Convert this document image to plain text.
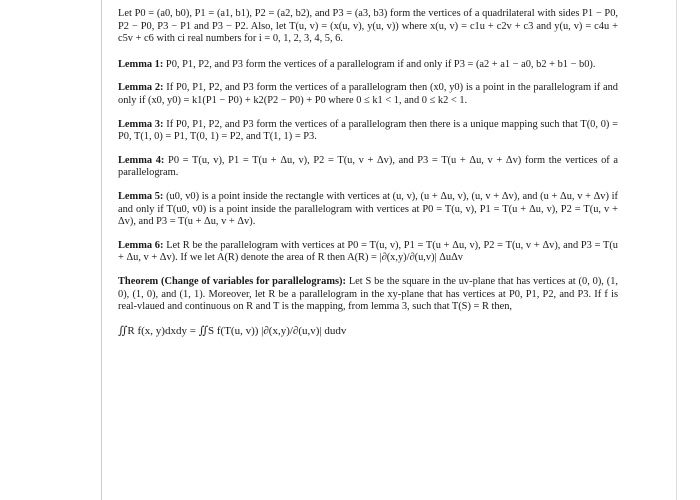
Let P0 = (a0, b0), P1 = (a1, b1), P2 = (a2, b2), and P3 = (a3, b3) form the vertices of a quadrilateral with sides P1 − P0, P2 − P0, P3 − P1 and P3 − P2. Also, let T(u, v) = (x(u, v), y(u, v)) where x(u, v) = c1u + c2v + c3 and y(u, v) = c4u + c5v + c6 with ci real numbers for i = 0, 1, 2, 3, 4, 5, 6.

Lemma 1: P0, P1, P2, and P3 form the vertices of a parallelogram if and only if P3 = (a2 + a1 − a0, b2 + b1 − b0).

Lemma 2: If P0, P1, P2, and P3 form the vertices of a parallelogram then (x0, y0) is a point in the parallelogram if and only if (x0, y0) = k1(P1 − P0) + k2(P2 − P0) + P0 where 0 ≤ k1 < 1, and 0 ≤ k2 < 1.

Lemma 3: If P0, P1, P2, and P3 form the vertices of a parallelogram then there is a unique mapping such that T(0, 0) = P0, T(1, 0) = P1, T(0, 1) = P2, and T(1, 1) = P3.

Lemma 4: P0 = T(u, v), P1 = T(u + Δu, v), P2 = T(u, v + Δv), and P3 = T(u + Δu, v + Δv) form the vertices of a parallelogram.

Lemma 5: (u0, v0) is a point inside the rectangle with vertices at (u, v), (u + Δu, v), (u, v + Δv), and (u + Δu, v + Δv) if and only if T(u0, v0) is a point inside the parallelogram with vertices at P0 = T(u, v), P1 = T(u + Δu, v), P2 = T(u, v + Δv), and P3 = T(u + Δu, v + Δv).

Lemma 6: Let R be the parallelogram with vertices at P0 = T(u, v), P1 = T(u + Δu, v), P2 = T(u, v + Δv), and P3 = T(u + Δu, v + Δv). If we let A(R) denote the area of R then A(R) = |∂(x,y)/∂(u,v)| ΔuΔv

Theorem (Change of variables for parallelograms): Let S be the square in the uv-plane that has vertices at (0, 0), (1, 0), (1, 0), and (1, 1). Moreover, let R be a parallelogram in the xy-plane that has vertices at P0, P1, P2, and P3. If f is real-vlaued and continuous on R and T is the mapping, from lemma 3, such that T(S) = R then,

∬R f(x, y)dxdy = ∬S f(T(u, v)) |∂(x,y)/∂(u,v)| dudv
